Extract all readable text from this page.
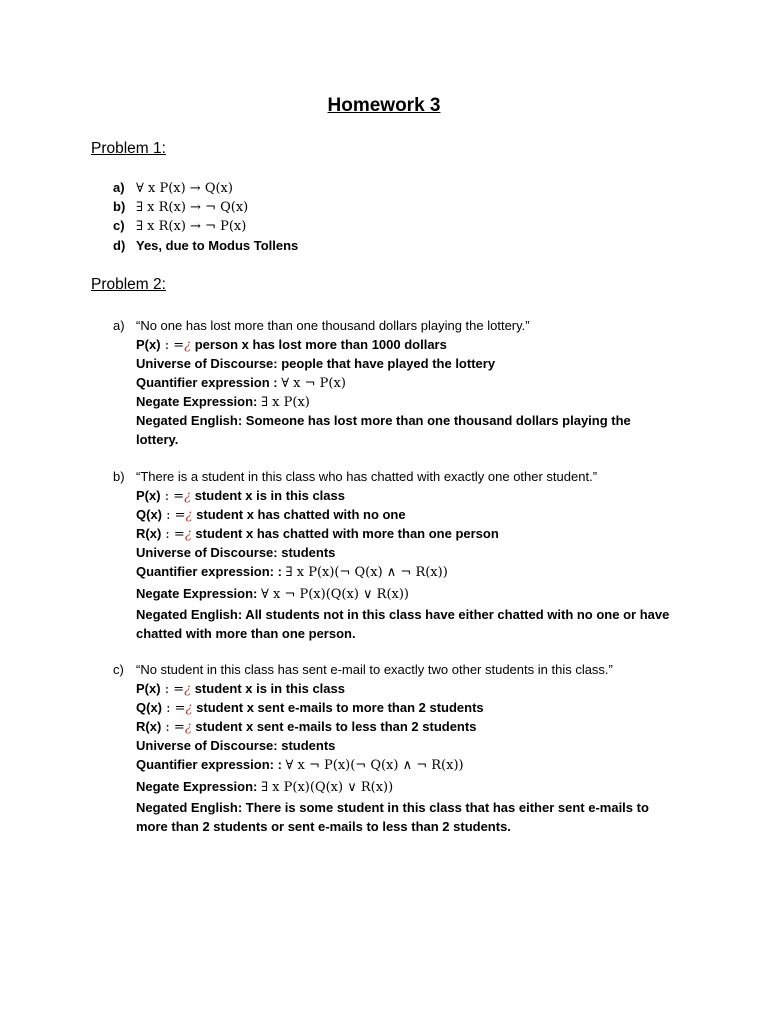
Homework 3
Problem 1:
a) ∀ x P(x) → Q(x)
b) ∃ x R(x) → ¬ Q(x)
c) ∃ x R(x) → ¬ P(x)
d) Yes, due to Modus Tollens
Problem 2:
a) “No one has lost more than one thousand dollars playing the lottery.”
P(x) : =¿ person x has lost more than 1000 dollars
Universe of Discourse: people that have played the lottery
Quantifier expression : ∀ x ¬ P(x)
Negate Expression: ∃ x P(x)
Negated English: Someone has lost more than one thousand dollars playing the
lottery.
b) “There is a student in this class who has chatted with exactly one other student.”
P(x) : =¿ student x is in this class
Q(x) : =¿ student x has chatted with no one
R(x) : =¿ student x has chatted with more than one person
Universe of Discourse: students
Quantifier expression: : ∃ x P(x)(¬ Q(x) ∧ ¬ R(x))
Negate Expression: ∀ x ¬ P(x)(Q(x) ∨ R(x))
Negated English: All students not in this class have either chatted with no one or have
chatted with more than one person.
c) “No student in this class has sent e-mail to exactly two other students in this class.”
P(x) : =¿ student x is in this class
Q(x) : =¿ student x sent e-mails to more than 2 students
R(x) : =¿ student x sent e-mails to less than 2 students
Universe of Discourse: students
Quantifier expression: : ∀ x ¬ P(x)(¬ Q(x) ∧ ¬ R(x))
Negate Expression: ∃ x P(x)(Q(x) ∨ R(x))
Negated English: There is some student in this class that has either sent e-mails to
more than 2 students or sent e-mails to less than 2 students.
